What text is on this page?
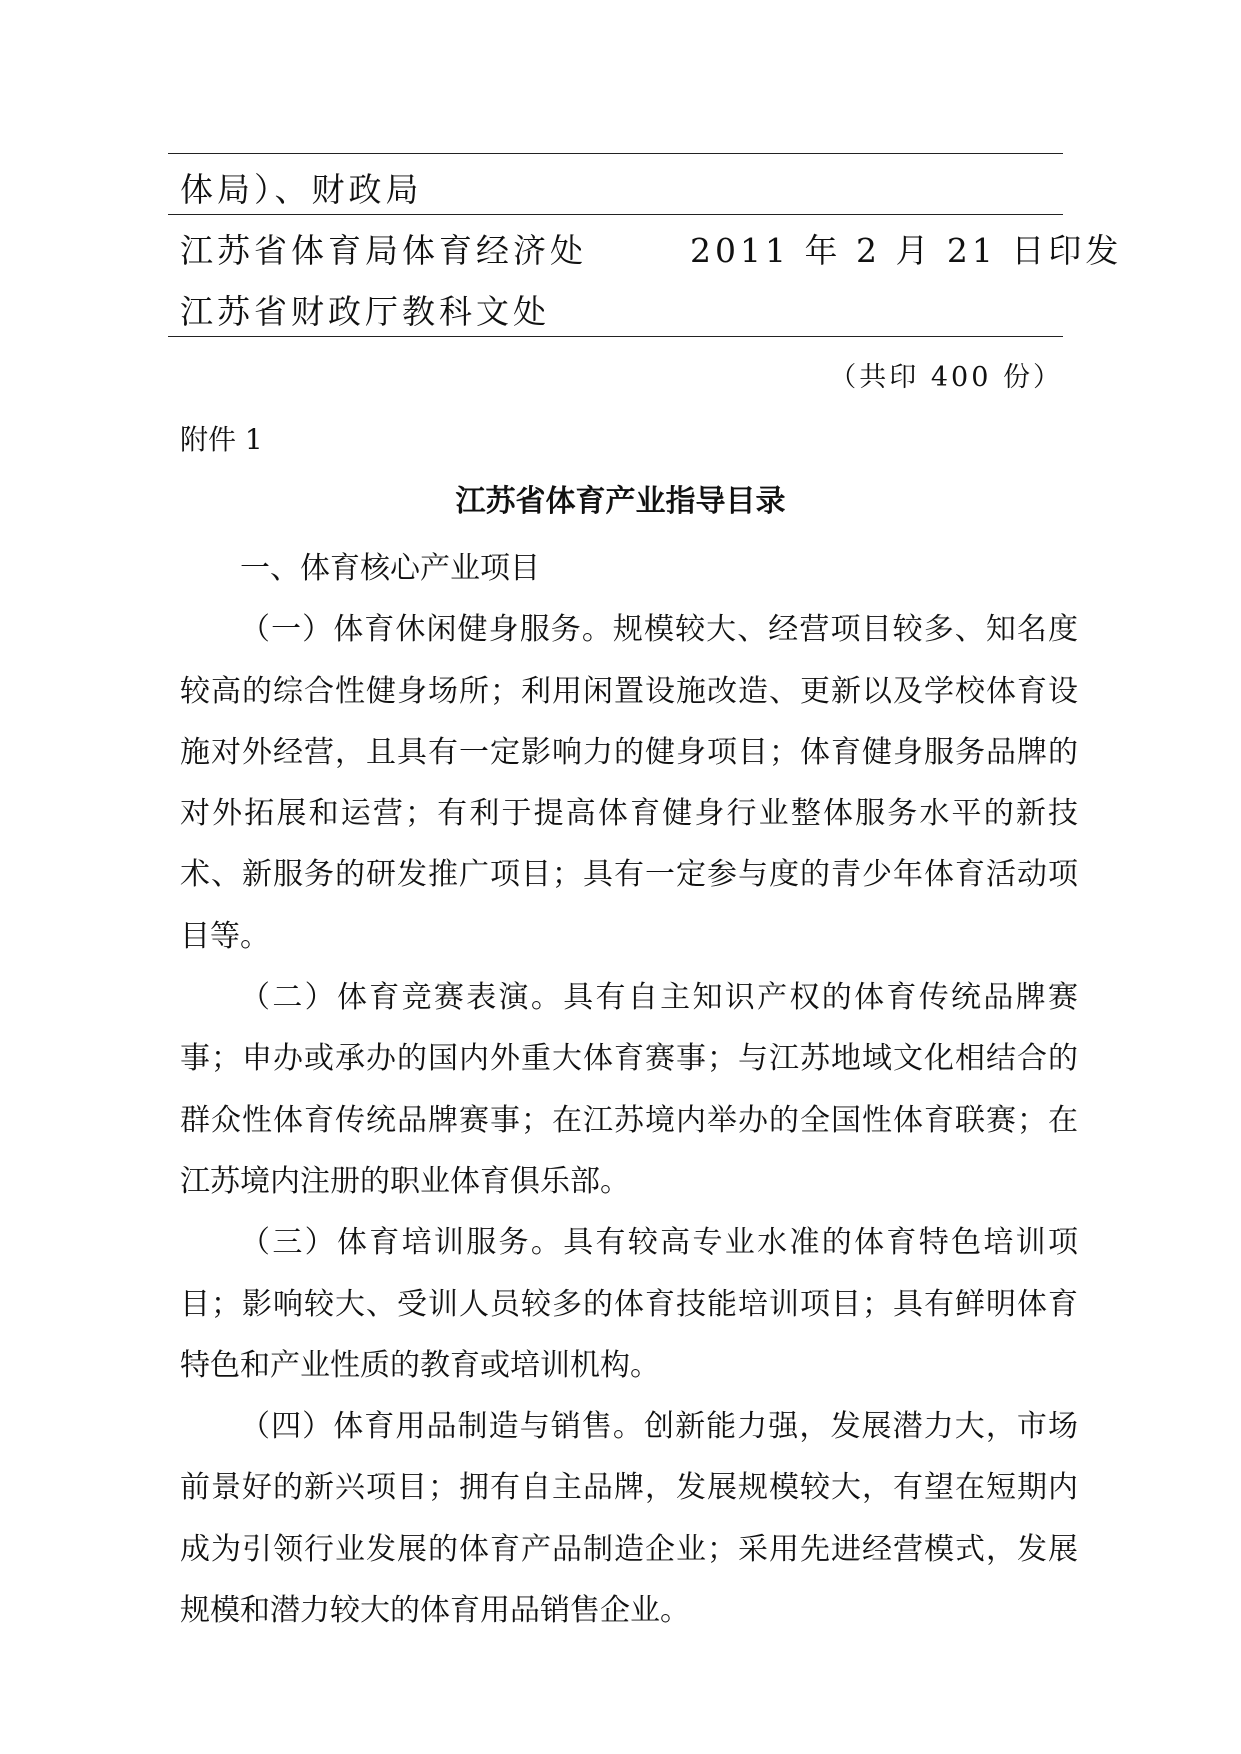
体局）、财政局
江苏省体育局体育经济处	2011 年 2 月 21 日印发
江苏省财政厅教科文处
（共印 400 份）
附件 1
江苏省体育产业指导目录

一、体育核心产业项目

（一）体育休闲健身服务。规模较大、经营项目较多、知名度较高的综合性健身场所；利用闲置设施改造、更新以及学校体育设施对外经营，且具有一定影响力的健身项目；体育健身服务品牌的对外拓展和运营；有利于提高体育健身行业整体服务水平的新技术、新服务的研发推广项目；具有一定参与度的青少年体育活动项目等。

（二）体育竞赛表演。具有自主知识产权的体育传统品牌赛事；申办或承办的国内外重大体育赛事；与江苏地域文化相结合的群众性体育传统品牌赛事；在江苏境内举办的全国性体育联赛；在江苏境内注册的职业体育俱乐部。

（三）体育培训服务。具有较高专业水准的体育特色培训项目；影响较大、受训人员较多的体育技能培训项目；具有鲜明体育特色和产业性质的教育或培训机构。

（四）体育用品制造与销售。创新能力强，发展潜力大，市场前景好的新兴项目；拥有自主品牌，发展规模较大，有望在短期内成为引领行业发展的体育产品制造企业；采用先进经营模式，发展规模和潜力较大的体育用品销售企业。
